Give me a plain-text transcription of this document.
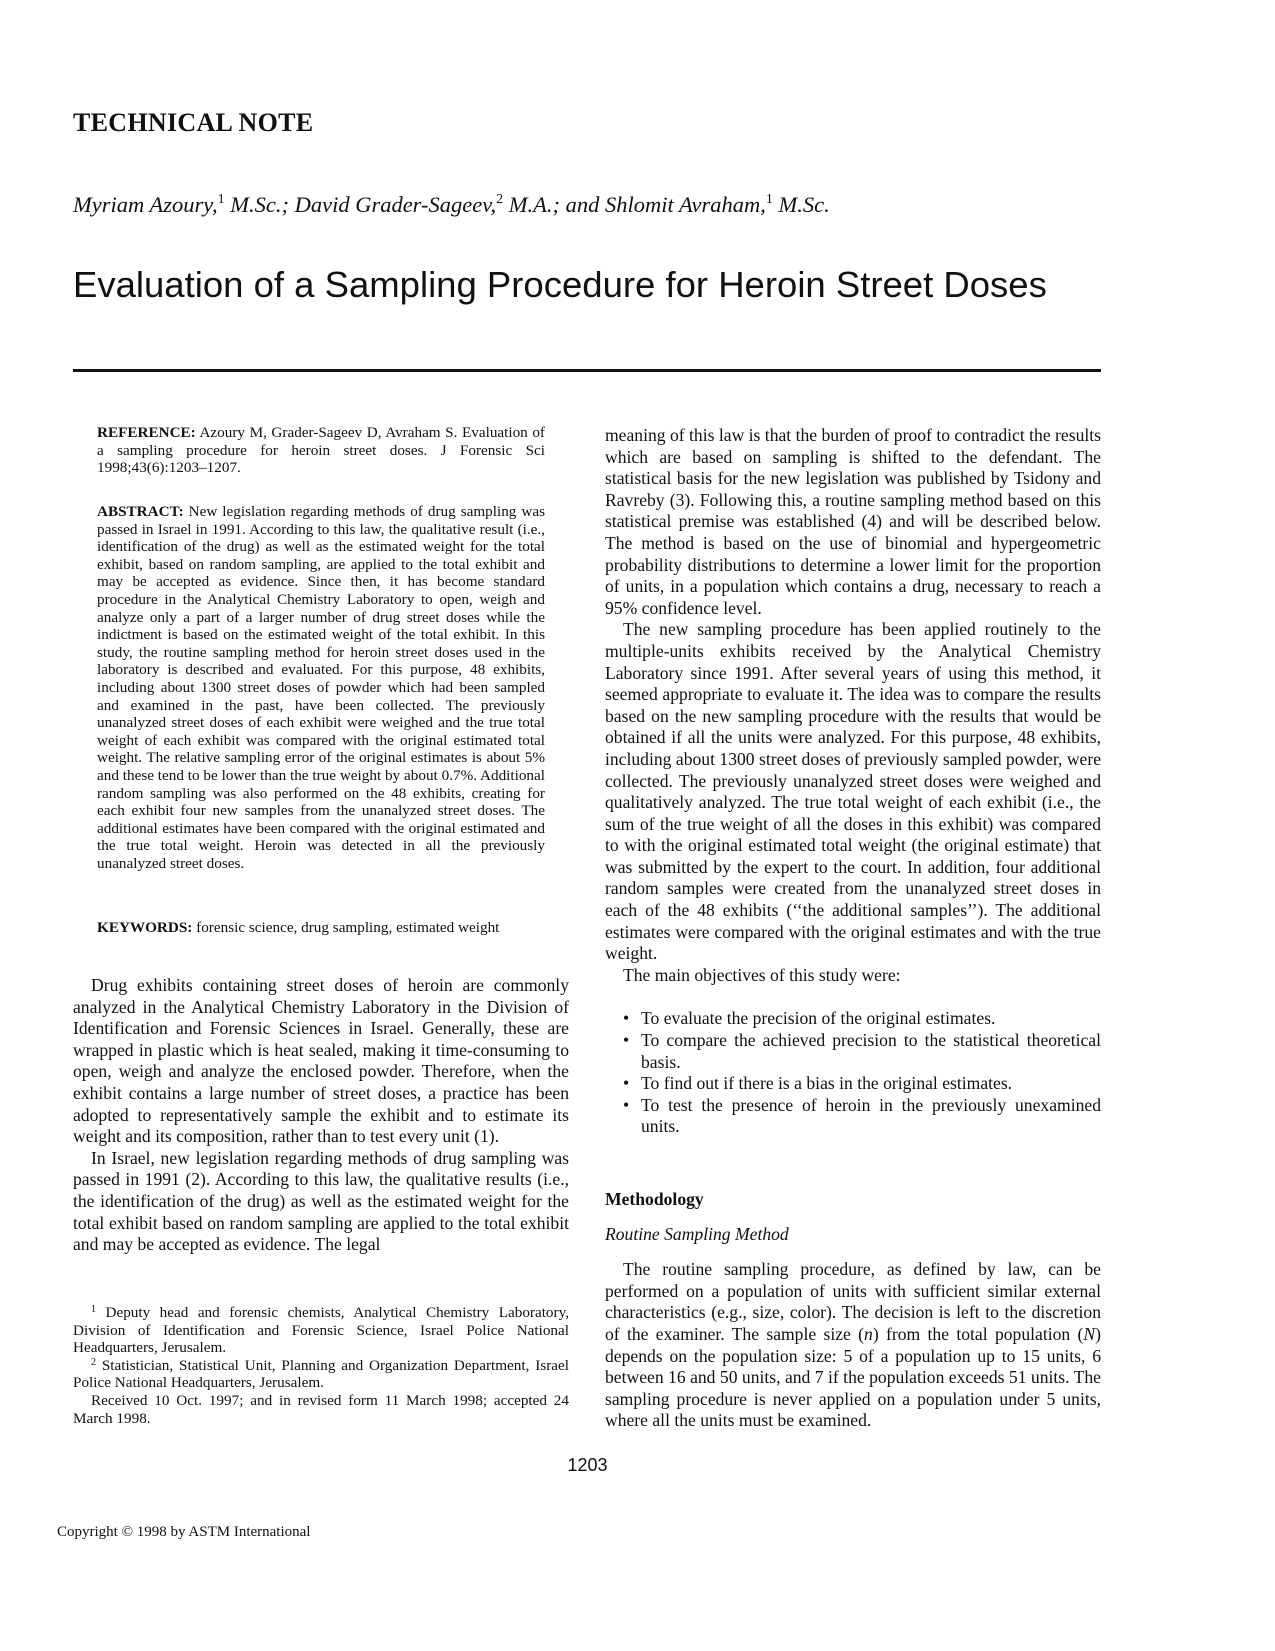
TECHNICAL NOTE
Myriam Azoury,$^1$ M.Sc.; David Grader-Sageev,$^2$ M.A.; and Shlomit Avraham,$^1$ M.Sc.
Evaluation of a Sampling Procedure for Heroin Street Doses
REFERENCE: Azoury M, Grader-Sageev D, Avraham S. Evaluation of a sampling procedure for heroin street doses. J Forensic Sci 1998;43(6):1203–1207.
ABSTRACT: New legislation regarding methods of drug sampling was passed in Israel in 1991. According to this law, the qualitative result (i.e., identification of the drug) as well as the estimated weight for the total exhibit, based on random sampling, are applied to the total exhibit and may be accepted as evidence. Since then, it has become standard procedure in the Analytical Chemistry Laboratory to open, weigh and analyze only a part of a larger number of drug street doses while the indictment is based on the estimated weight of the total exhibit. In this study, the routine sampling method for heroin street doses used in the laboratory is described and evaluated. For this purpose, 48 exhibits, including about 1300 street doses of powder which had been sampled and examined in the past, have been collected. The previously unanalyzed street doses of each exhibit were weighed and the true total weight of each exhibit was compared with the original estimated total weight. The relative sampling error of the original estimates is about 5% and these tend to be lower than the true weight by about 0.7%. Additional random sampling was also performed on the 48 exhibits, creating for each exhibit four new samples from the unanalyzed street doses. The additional estimates have been compared with the original estimated and the true total weight. Heroin was detected in all the previously unanalyzed street doses.
KEYWORDS: forensic science, drug sampling, estimated weight

Drug exhibits containing street doses of heroin are commonly analyzed in the Analytical Chemistry Laboratory in the Division of Identification and Forensic Sciences in Israel. Generally, these are wrapped in plastic which is heat sealed, making it time-consuming to open, weigh and analyze the enclosed powder. Therefore, when the exhibit contains a large number of street doses, a practice has been adopted to representatively sample the exhibit and to estimate its weight and its composition, rather than to test every unit (1).

In Israel, new legislation regarding methods of drug sampling was passed in 1991 (2). According to this law, the qualitative results (i.e., the identification of the drug) as well as the estimated weight for the total exhibit based on random sampling are applied to the total exhibit and may be accepted as evidence. The legal

$^1$ Deputy head and forensic chemists, Analytical Chemistry Laboratory, Division of Identification and Forensic Science, Israel Police National Headquarters, Jerusalem.

$^2$ Statistician, Statistical Unit, Planning and Organization Department, Israel Police National Headquarters, Jerusalem.

Received 10 Oct. 1997; and in revised form 11 March 1998; accepted 24 March 1998.

meaning of this law is that the burden of proof to contradict the results which are based on sampling is shifted to the defendant. The statistical basis for the new legislation was published by Tsidony and Ravreby (3). Following this, a routine sampling method based on this statistical premise was established (4) and will be described below. The method is based on the use of binomial and hypergeometric probability distributions to determine a lower limit for the proportion of units, in a population which contains a drug, necessary to reach a 95% confidence level.

The new sampling procedure has been applied routinely to the multiple-units exhibits received by the Analytical Chemistry Laboratory since 1991. After several years of using this method, it seemed appropriate to evaluate it. The idea was to compare the results based on the new sampling procedure with the results that would be obtained if all the units were analyzed. For this purpose, 48 exhibits, including about 1300 street doses of previously sampled powder, were collected. The previously unanalyzed street doses were weighed and qualitatively analyzed. The true total weight of each exhibit (i.e., the sum of the true weight of all the doses in this exhibit) was compared to with the original estimated total weight (the original estimate) that was submitted by the expert to the court. In addition, four additional random samples were created from the unanalyzed street doses in each of the 48 exhibits (‘‘the additional samples’’). The additional estimates were compared with the original estimates and with the true weight.

The main objectives of this study were:

• To evaluate the precision of the original estimates.
• To compare the achieved precision to the statistical theoretical basis.
• To find out if there is a bias in the original estimates.
• To test the presence of heroin in the previously unexamined units.
Methodology
Routine Sampling Method

The routine sampling procedure, as defined by law, can be performed on a population of units with sufficient similar external characteristics (e.g., size, color). The decision is left to the discretion of the examiner. The sample size (n) from the total population (N) depends on the population size: 5 of a population up to 15 units, 6 between 16 and 50 units, and 7 if the population exceeds 51 units. The sampling procedure is never applied on a population under 5 units, where all the units must be examined.

1203
Copyright © 1998 by ASTM International
